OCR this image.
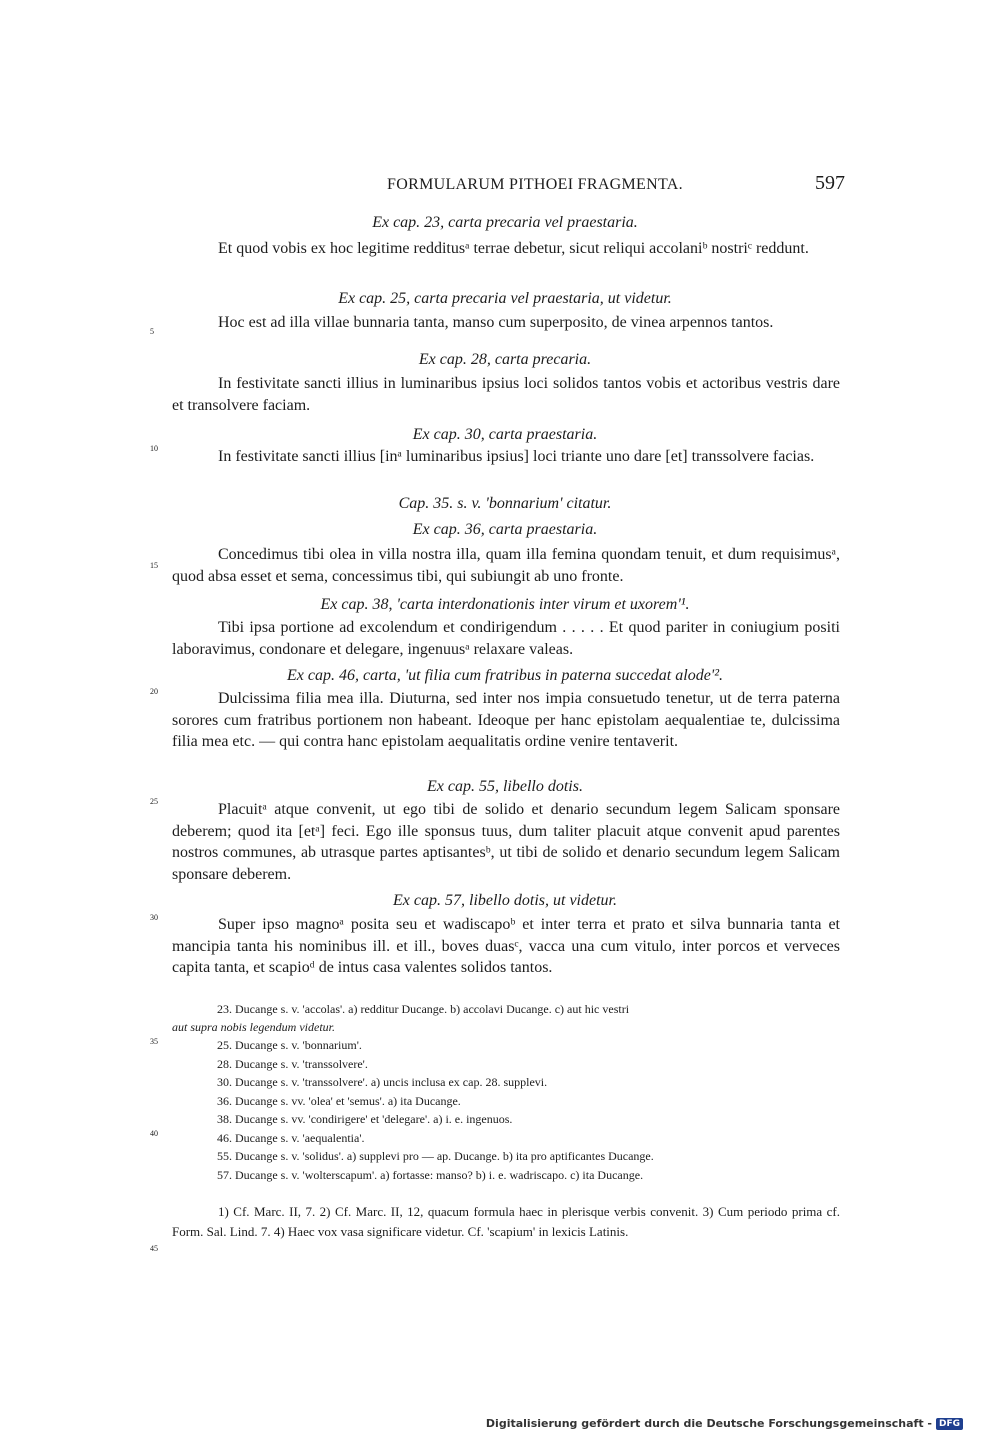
FORMULARUM PITHOEI FRAGMENTA.	597
Ex cap. 23, carta precaria vel praestaria.
Et quod vobis ex hoc legitime redditusᵃ terrae debetur, sicut reliqui accolaniᵇ nostriᶜ reddunt.
Ex cap. 25, carta precaria vel praestaria, ut videtur.
Hoc est ad illa villae bunnaria tanta, manso cum superposito, de vinea arpennos tantos.
Ex cap. 28, carta precaria.
In festivitate sancti illius in luminaribus ipsius loci solidos tantos vobis et actoribus vestris dare et transolvere faciam.
Ex cap. 30, carta praestaria.
In festivitate sancti illius [inᵃ luminaribus ipsius] loci triante uno dare [et] transsolvere facias.
Cap. 35. s. v. 'bonnarium' citatur.
Ex cap. 36, carta praestaria.
Concedimus tibi olea in villa nostra illa, quam illa femina quondam tenuit, et dum requisimusᵃ, quod absa esset et sema, concessimus tibi, qui subiungit ab uno fronte.
Ex cap. 38, 'carta interdonationis inter virum et uxorem'¹.
Tibi ipsa portione ad excolendum et condirigendum . . . . . Et quod pariter in coniugium positi laboravimus, condonare et delegare, ingenuusᵃ relaxare valeas.
Ex cap. 46, carta, 'ut filia cum fratribus in paterna succedat alode'².
Dulcissima filia mea illa. Diuturna, sed inter nos impia consuetudo tenetur, ut de terra paterna sorores cum fratribus portionem non habeant. Ideoque per hanc epistolam aequalentiae te, dulcissima filia mea etc. — qui contra hanc epistolam aequalitatis ordine venire tentaverit.
Ex cap. 55, libello dotis.
Placuitᵃ atque convenit, ut ego tibi de solido et denario secundum legem Salicam sponsare deberem; quod ita [etᵃ] feci. Ego ille sponsus tuus, dum taliter placuit atque convenit apud parentes nostros communes, ab utrasque partes aptisantesᵇ, ut tibi de solido et denario secundum legem Salicam sponsare deberem.
Ex cap. 57, libello dotis, ut videtur.
Super ipso magnoᵃ posita seu et wadiscapoᵇ et inter terra et prato et silva bunnaria tanta et mancipia tanta his nominibus ill. et ill., boves duasᶜ, vacca una cum vitulo, inter porcos et verveces capita tanta, et scapioᵈ de intus casa valentes solidos tantos.
5
10
15
20
25
30
35
40
45
23. Ducange s. v. 'accolas'. a) redditur Ducange. b) accolavi Ducange. c) aut hic vestri
aut supra nobis legendum videtur.
25. Ducange s. v. 'bonnarium'.
28. Ducange s. v. 'transsolvere'.
30. Ducange s. v. 'transsolvere'. a) uncis inclusa ex cap. 28. supplevi.
36. Ducange s. vv. 'olea' et 'semus'. a) ita Ducange.
38. Ducange s. vv. 'condirigere' et 'delegare'. a) i. e. ingenuos.
46. Ducange s. v. 'aequalentia'.
55. Ducange s. v. 'solidus'. a) supplevi pro — ap. Ducange. b) ita pro aptificantes Ducange.
57. Ducange s. v. 'wolterscapum'. a) fortasse: manso? b) i. e. wadriscapo. c) ita Ducange.
1) Cf. Marc. II, 7. 2) Cf. Marc. II, 12, quacum formula haec in plerisque verbis convenit. 3) Cum periodo prima cf. Form. Sal. Lind. 7. 4) Haec vox vasa significare videtur. Cf. 'scapium' in lexicis Latinis.
Digitalisierung gefördert durch die Deutsche Forschungsgemeinschaft - DFG
